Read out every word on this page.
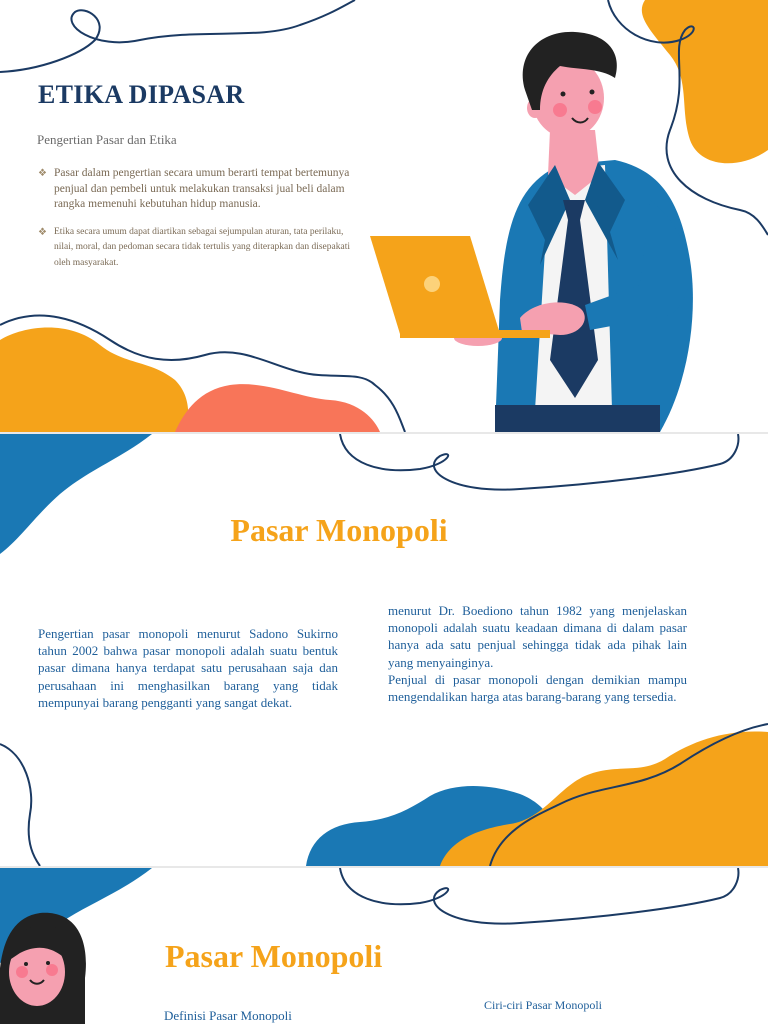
ETIKA DIPASAR
Pengertian Pasar dan Etika
❖ Pasar dalam pengertian secara umum berarti tempat bertemunya penjual dan pembeli untuk melakukan transaksi jual beli dalam rangka memenuhi kebutuhan hidup manusia.
❖ Etika secara umum dapat diartikan sebagai sejumpulan aturan, tata perilaku, nilai, moral, dan pedoman secara tidak tertulis yang diterapkan dan disepakati oleh masyarakat.
Pasar Monopoli

Pengertian pasar monopoli menurut Sadono Sukirno tahun 2002 bahwa pasar monopoli adalah suatu bentuk pasar dimana hanya terdapat satu perusahaan saja dan perusahaan ini menghasilkan barang yang tidak mempunyai barang pengganti yang sangat dekat.

menurut Dr. Boediono tahun 1982 yang menjelaskan monopoli adalah suatu keadaan dimana di dalam pasar hanya ada satu penjual sehingga tidak ada pihak lain yang menyainginya.
Penjual di pasar monopoli dengan demikian mampu mengendalikan harga atas barang-barang yang tersedia.
Pasar Monopoli
Definisi Pasar Monopoli
Ciri-ciri Pasar Monopoli
